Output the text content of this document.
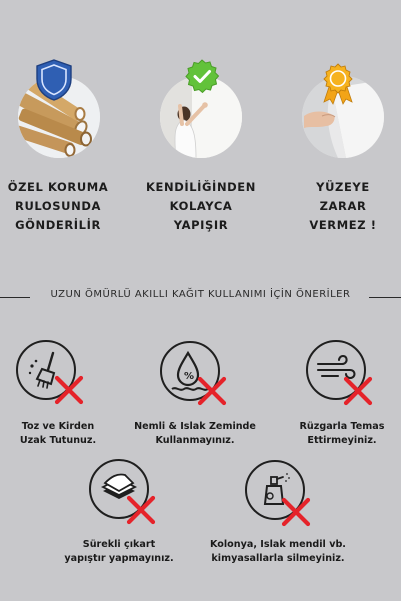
ÖZEL KORUMA
RULOSUNDA
GÖNDERİLİR
KENDİLİĞİNDEN
KOLAYCA
YAPIŞIR
YÜZEYE
ZARAR
VERMEZ !
UZUN ÖMÜRLÜ AKILLI KAĞIT KULLANIMI İÇİN ÖNERİLER
Toz ve Kirden
Uzak Tutunuz.
%
Nemli & Islak Zeminde
Kullanmayınız.
Rüzgarla Temas
Ettirmeyiniz.
Sürekli çıkart
yapıştır yapmayınız.
Kolonya, Islak mendil vb.
kimyasallarla silmeyiniz.
